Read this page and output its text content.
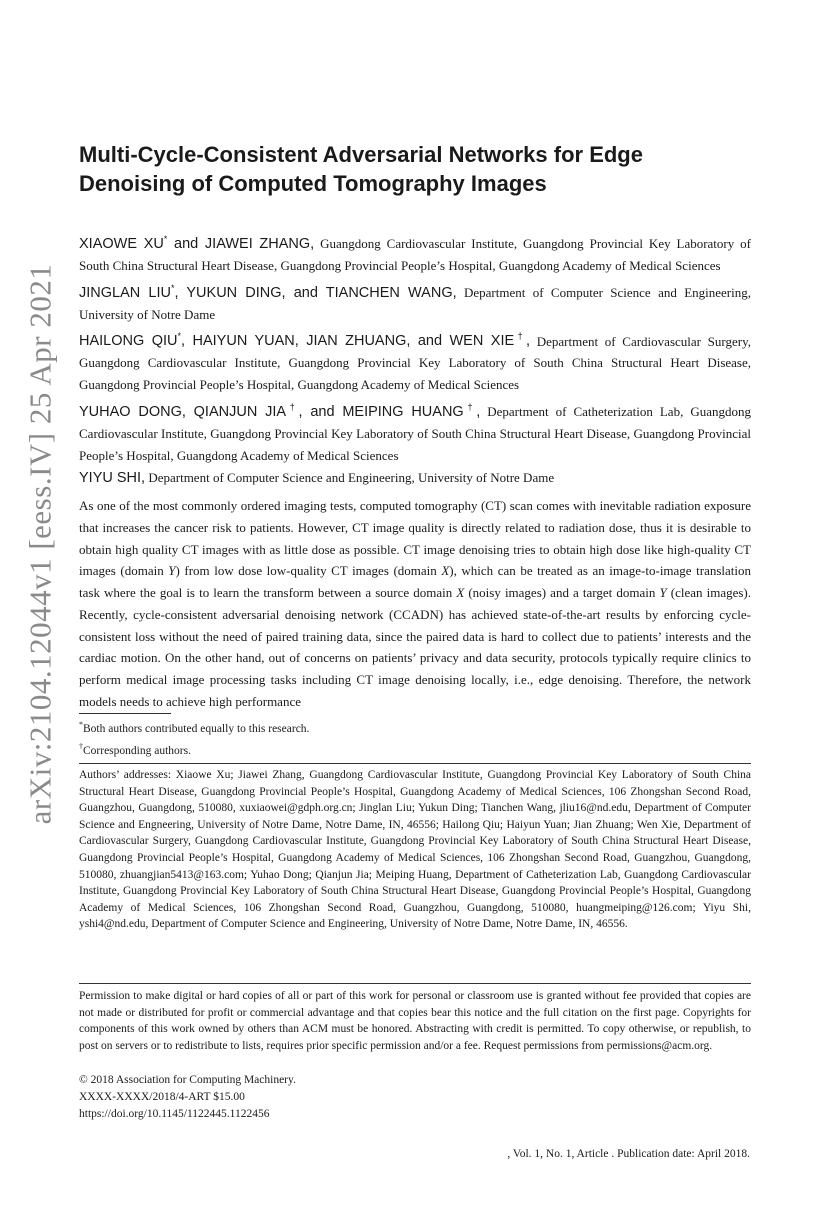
arXiv:2104.12044v1 [eess.IV] 25 Apr 2021
Multi-Cycle-Consistent Adversarial Networks for Edge
Denoising of Computed Tomography Images

XIAOWE XU* and JIAWEI ZHANG, Guangdong Cardiovascular Institute, Guangdong Provincial Key Laboratory of South China Structural Heart Disease, Guangdong Provincial People’s Hospital, Guangdong Academy of Medical Sciences

JINGLAN LIU*, YUKUN DING, and TIANCHEN WANG, Department of Computer Science and Engineering, University of Notre Dame

HAILONG QIU*, HAIYUN YUAN, JIAN ZHUANG, and WEN XIE†, Department of Cardiovascular Surgery, Guangdong Cardiovascular Institute, Guangdong Provincial Key Laboratory of South China Structural Heart Disease, Guangdong Provincial People’s Hospital, Guangdong Academy of Medical Sciences

YUHAO DONG, QIANJUN JIA†, and MEIPING HUANG†, Department of Catheterization Lab, Guangdong Cardiovascular Institute, Guangdong Provincial Key Laboratory of South China Structural Heart Disease, Guangdong Provincial People’s Hospital, Guangdong Academy of Medical Sciences

YIYU SHI, Department of Computer Science and Engineering, University of Notre Dame

As one of the most commonly ordered imaging tests, computed tomography (CT) scan comes with inevitable radiation exposure that increases the cancer risk to patients. However, CT image quality is directly related to radiation dose, thus it is desirable to obtain high quality CT images with as little dose as possible. CT image denoising tries to obtain high dose like high-quality CT images (domain Y) from low dose low-quality CT images (domain X), which can be treated as an image-to-image translation task where the goal is to learn the transform between a source domain X (noisy images) and a target domain Y (clean images). Recently, cycle-consistent adversarial denoising network (CCADN) has achieved state-of-the-art results by enforcing cycle-consistent loss without the need of paired training data, since the paired data is hard to collect due to patients’ interests and the cardiac motion. On the other hand, out of concerns on patients’ privacy and data security, protocols typically require clinics to perform medical image processing tasks including CT image denoising locally, i.e., edge denoising. Therefore, the network models needs to achieve high performance

*Both authors contributed equally to this research.
†Corresponding authors.
Authors’ addresses: Xiaowe Xu; Jiawei Zhang, Guangdong Cardiovascular Institute, Guangdong Provincial Key Laboratory of South China Structural Heart Disease, Guangdong Provincial People’s Hospital, Guangdong Academy of Medical Sciences, 106 Zhongshan Second Road, Guangzhou, Guangdong, 510080, xuxiaowei@gdph.org.cn; Jinglan Liu; Yukun Ding; Tianchen Wang, jliu16@nd.edu, Department of Computer Science and Engneering, University of Notre Dame, Notre Dame, IN, 46556; Hailong Qiu; Haiyun Yuan; Jian Zhuang; Wen Xie, Department of Cardiovascular Surgery, Guangdong Cardiovascular Institute, Guangdong Provincial Key Laboratory of South China Structural Heart Disease, Guangdong Provincial People’s Hospital, Guangdong Academy of Medical Sciences, 106 Zhongshan Second Road, Guangzhou, Guangdong, 510080, zhuangjian5413@163.com; Yuhao Dong; Qianjun Jia; Meiping Huang, Department of Catheterization Lab, Guangdong Cardiovascular Institute, Guangdong Provincial Key Laboratory of South China Structural Heart Disease, Guangdong Provincial People’s Hospital, Guangdong Academy of Medical Sciences, 106 Zhongshan Second Road, Guangzhou, Guangdong, 510080, huangmeiping@126.com; Yiyu Shi, yshi4@nd.edu, Department of Computer Science and Engineering, University of Notre Dame, Notre Dame, IN, 46556.
Permission to make digital or hard copies of all or part of this work for personal or classroom use is granted without fee provided that copies are not made or distributed for profit or commercial advantage and that copies bear this notice and the full citation on the first page. Copyrights for components of this work owned by others than ACM must be honored. Abstracting with credit is permitted. To copy otherwise, or republish, to post on servers or to redistribute to lists, requires prior specific permission and/or a fee. Request permissions from permissions@acm.org.
© 2018 Association for Computing Machinery.
XXXX-XXXX/2018/4-ART $15.00
https://doi.org/10.1145/1122445.1122456
, Vol. 1, No. 1, Article . Publication date: April 2018.
